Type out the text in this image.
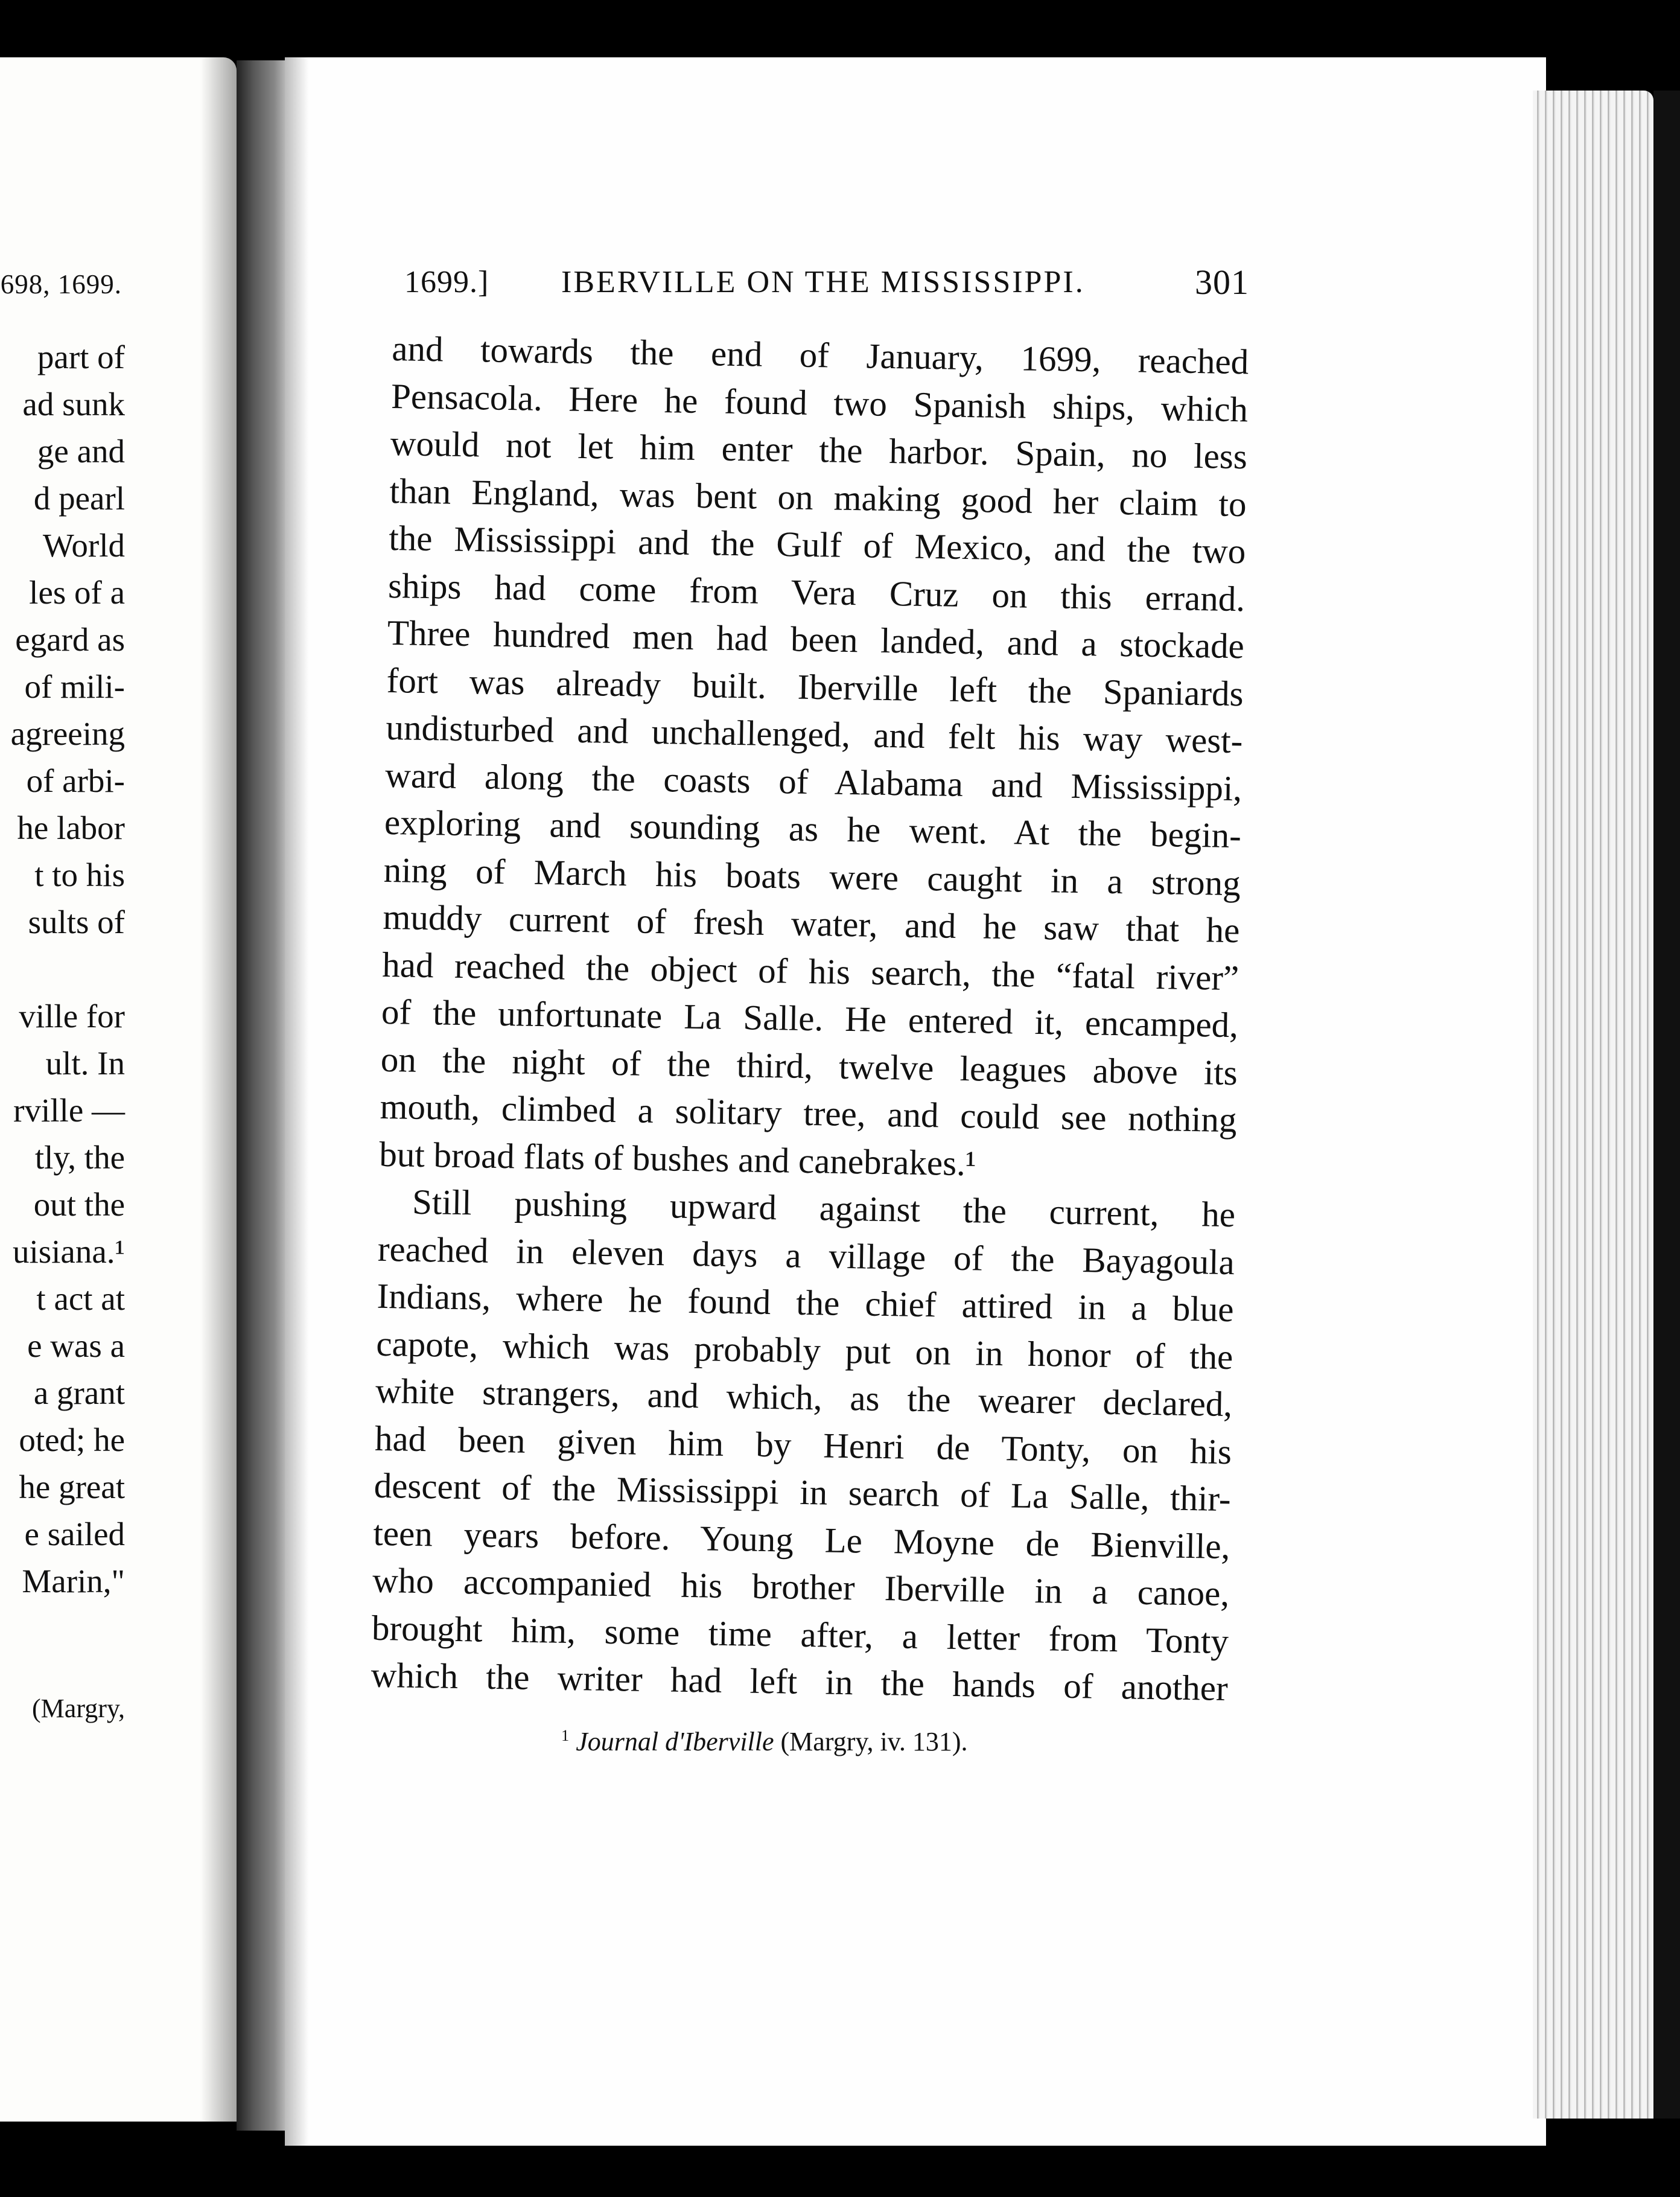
698, 1699.
part of
ad sunk
ge and
d pearl
World
les of a
egard as
of mili-
agreeing
of arbi-
he labor
t to his
sults of
ville for
ult. In
rville —
tly, the
out the
uisiana.¹
t act at
e was a
a grant
oted; he
he great
e sailed
Marin,"
(Margry,
1699.] IBERVILLE ON THE MISSISSIPPI.	301
and towards the end of January, 1699, reached
Pensacola. Here he found two Spanish ships, which
would not let him enter the harbor. Spain, no less
than England, was bent on making good her claim to
the Mississippi and the Gulf of Mexico, and the two
ships had come from Vera Cruz on this errand.
Three hundred men had been landed, and a stockade
fort was already built. Iberville left the Spaniards
undisturbed and unchallenged, and felt his way west-
ward along the coasts of Alabama and Mississippi,
exploring and sounding as he went. At the begin-
ning of March his boats were caught in a strong
muddy current of fresh water, and he saw that he
had reached the object of his search, the “fatal river”
of the unfortunate La Salle. He entered it, encamped,
on the night of the third, twelve leagues above its
mouth, climbed a solitary tree, and could see nothing
but broad flats of bushes and canebrakes.¹
Still pushing upward against the current, he
reached in eleven days a village of the Bayagoula
Indians, where he found the chief attired in a blue
capote, which was probably put on in honor of the
white strangers, and which, as the wearer declared,
had been given him by Henri de Tonty, on his
descent of the Mississippi in search of La Salle, thir-
teen years before. Young Le Moyne de Bienville,
who accompanied his brother Iberville in a canoe,
brought him, some time after, a letter from Tonty
which the writer had left in the hands of another
$^1$ Journal d'Iberville (Margry, iv. 131).
